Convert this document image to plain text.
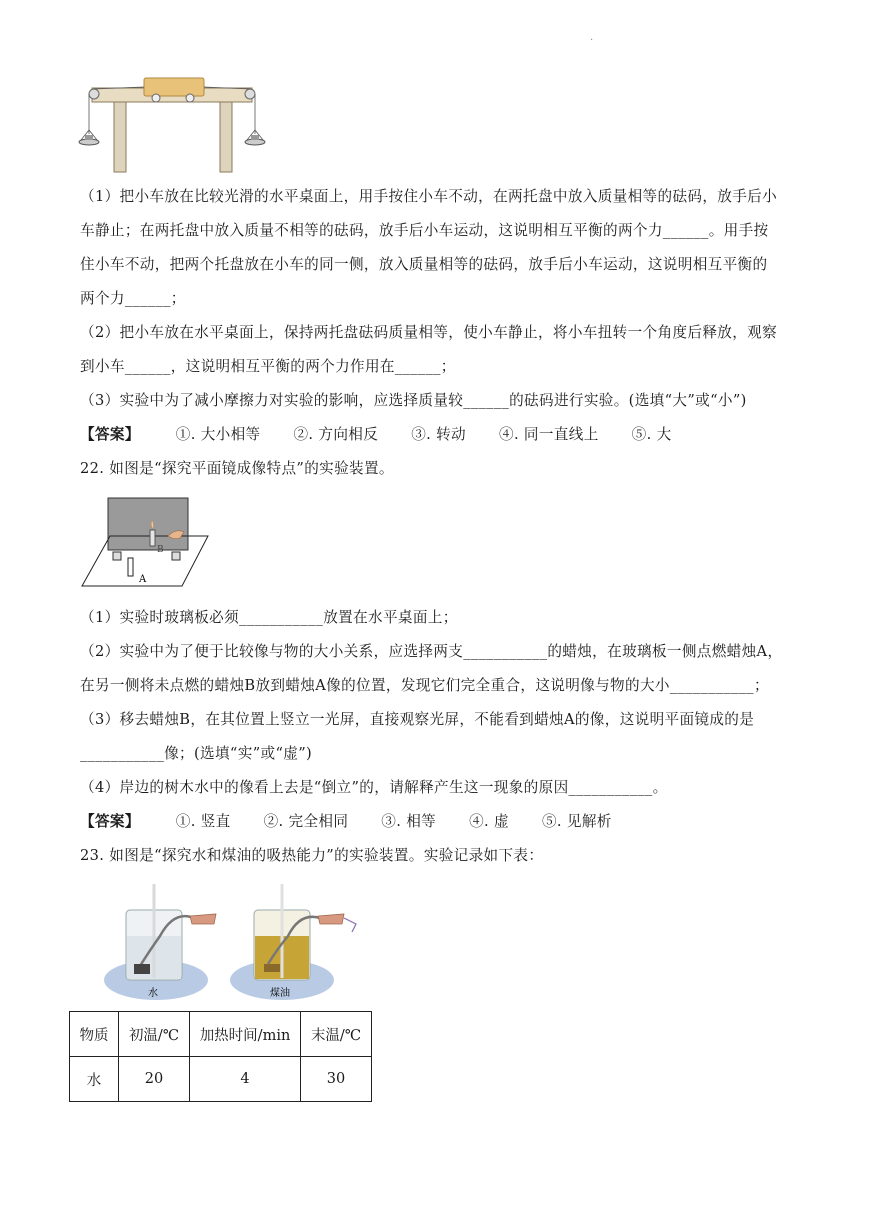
.
（1）把小车放在比较光滑的水平桌面上，用手按住小车不动，在两托盘中放入质量相等的砝码，放手后小
车静止；在两托盘中放入质量不相等的砝码，放手后小车运动，这说明相互平衡的两个力______。用手按
住小车不动，把两个托盘放在小车的同一侧，放入质量相等的砝码，放手后小车运动，这说明相互平衡的
两个力______；
（2）把小车放在水平桌面上，保持两托盘砝码质量相等，使小车静止，将小车扭转一个角度后释放，观察
到小车______，这说明相互平衡的两个力作用在______；
（3）实验中为了减小摩擦力对实验的影响，应选择质量较______的砝码进行实验。(选填“大”或“小”)
【答案】 ①. 大小相等 ②. 方向相反 ③. 转动 ④. 同一直线上 ⑤. 大
22. 如图是“探究平面镜成像特点”的实验装置。
A
B
（1）实验时玻璃板必须___________放置在水平桌面上；
（2）实验中为了便于比较像与物的大小关系，应选择两支___________的蜡烛，在玻璃板一侧点燃蜡烛A，
在另一侧将未点燃的蜡烛B放到蜡烛A像的位置，发现它们完全重合，这说明像与物的大小___________；
（3）移去蜡烛B，在其位置上竖立一光屏，直接观察光屏，不能看到蜡烛A的像，这说明平面镜成的是
___________像；(选填“实”或“虚”)
（4）岸边的树木水中的像看上去是“倒立”的，请解释产生这一现象的原因___________。
【答案】 ①. 竖直 ②. 完全相同 ③. 相等 ④. 虚 ⑤. 见解析
23. 如图是“探究水和煤油的吸热能力”的实验装置。实验记录如下表：
水	煤油
物质	初温/℃	加热时间/min	末温/℃
水	20	4	30
